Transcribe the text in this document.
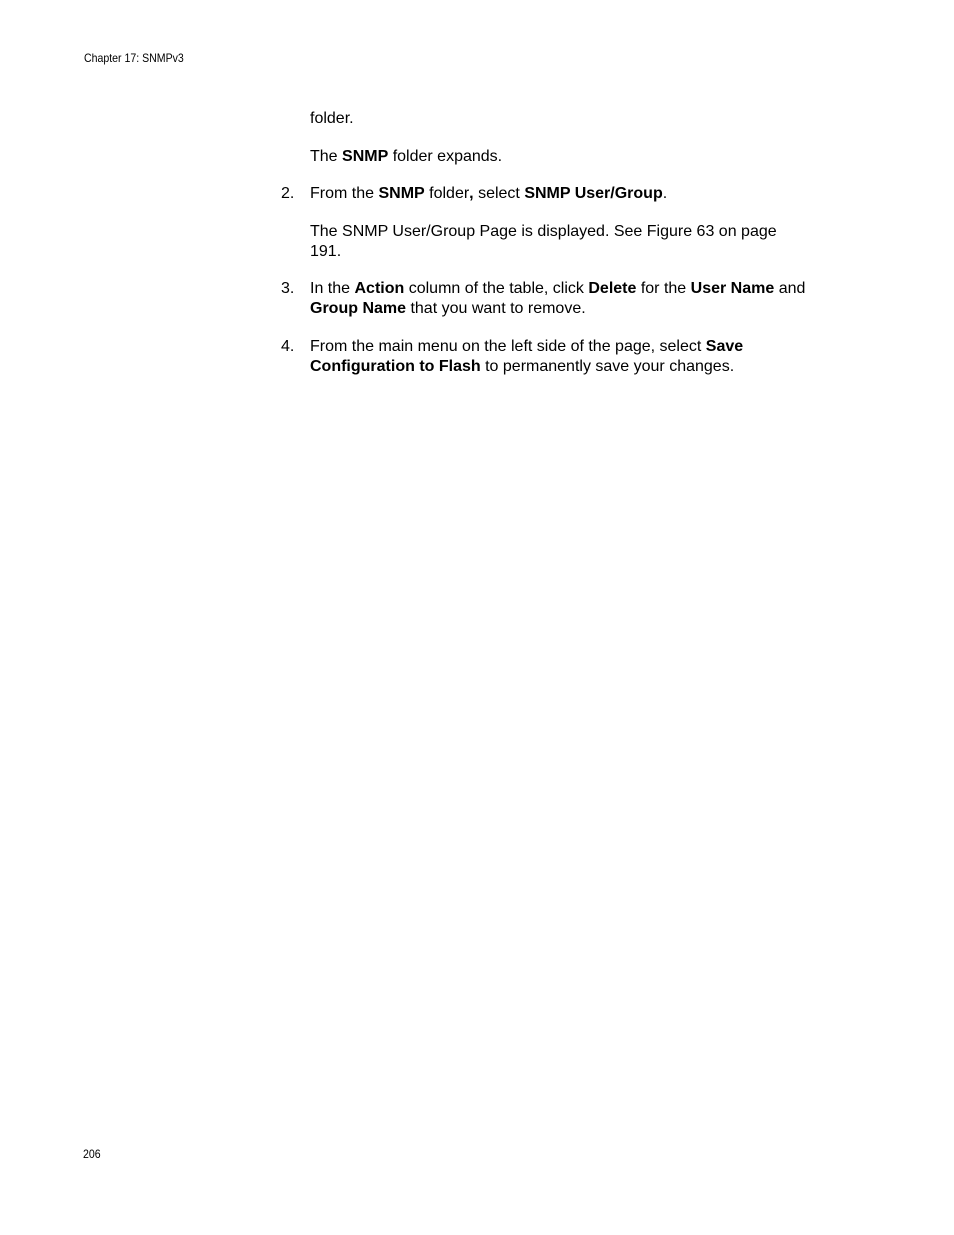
Chapter 17: SNMPv3
folder.
The SNMP folder expands.
2. From the SNMP folder, select SNMP User/Group.
The SNMP User/Group Page is displayed. See Figure 63 on page
191.
3. In the Action column of the table, click Delete for the User Name and
Group Name that you want to remove.
4. From the main menu on the left side of the page, select Save
Configuration to Flash to permanently save your changes.
206
